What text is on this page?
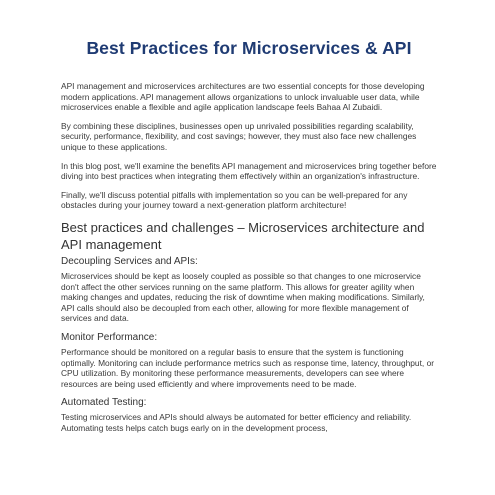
Best Practices for Microservices & API

API management and microservices architectures are two essential concepts for those developing modern applications. API management allows organizations to unlock invaluable user data, while microservices enable a flexible and agile application landscape feels Bahaa Al Zubaidi.

By combining these disciplines, businesses open up unrivaled possibilities regarding scalability, security, performance, flexibility, and cost savings; however, they must also face new challenges unique to these applications.

In this blog post, we'll examine the benefits API management and microservices bring together before diving into best practices when integrating them effectively within an organization's infrastructure.

Finally, we'll discuss potential pitfalls with implementation so you can be well-prepared for any obstacles during your journey toward a next-generation platform architecture!

Best practices and challenges – Microservices architecture and API management
Decoupling Services and APIs:

Microservices should be kept as loosely coupled as possible so that changes to one microservice don't affect the other services running on the same platform. This allows for greater agility when making changes and updates, reducing the risk of downtime when making modifications. Similarly, API calls should also be decoupled from each other, allowing for more flexible management of services and data.

Monitor Performance:

Performance should be monitored on a regular basis to ensure that the system is functioning optimally. Monitoring can include performance metrics such as response time, latency, throughput, or CPU utilization. By monitoring these performance measurements, developers can see where resources are being used efficiently and where improvements need to be made.

Automated Testing:

Testing microservices and APIs should always be automated for better efficiency and reliability. Automating tests helps catch bugs early on in the development process,
